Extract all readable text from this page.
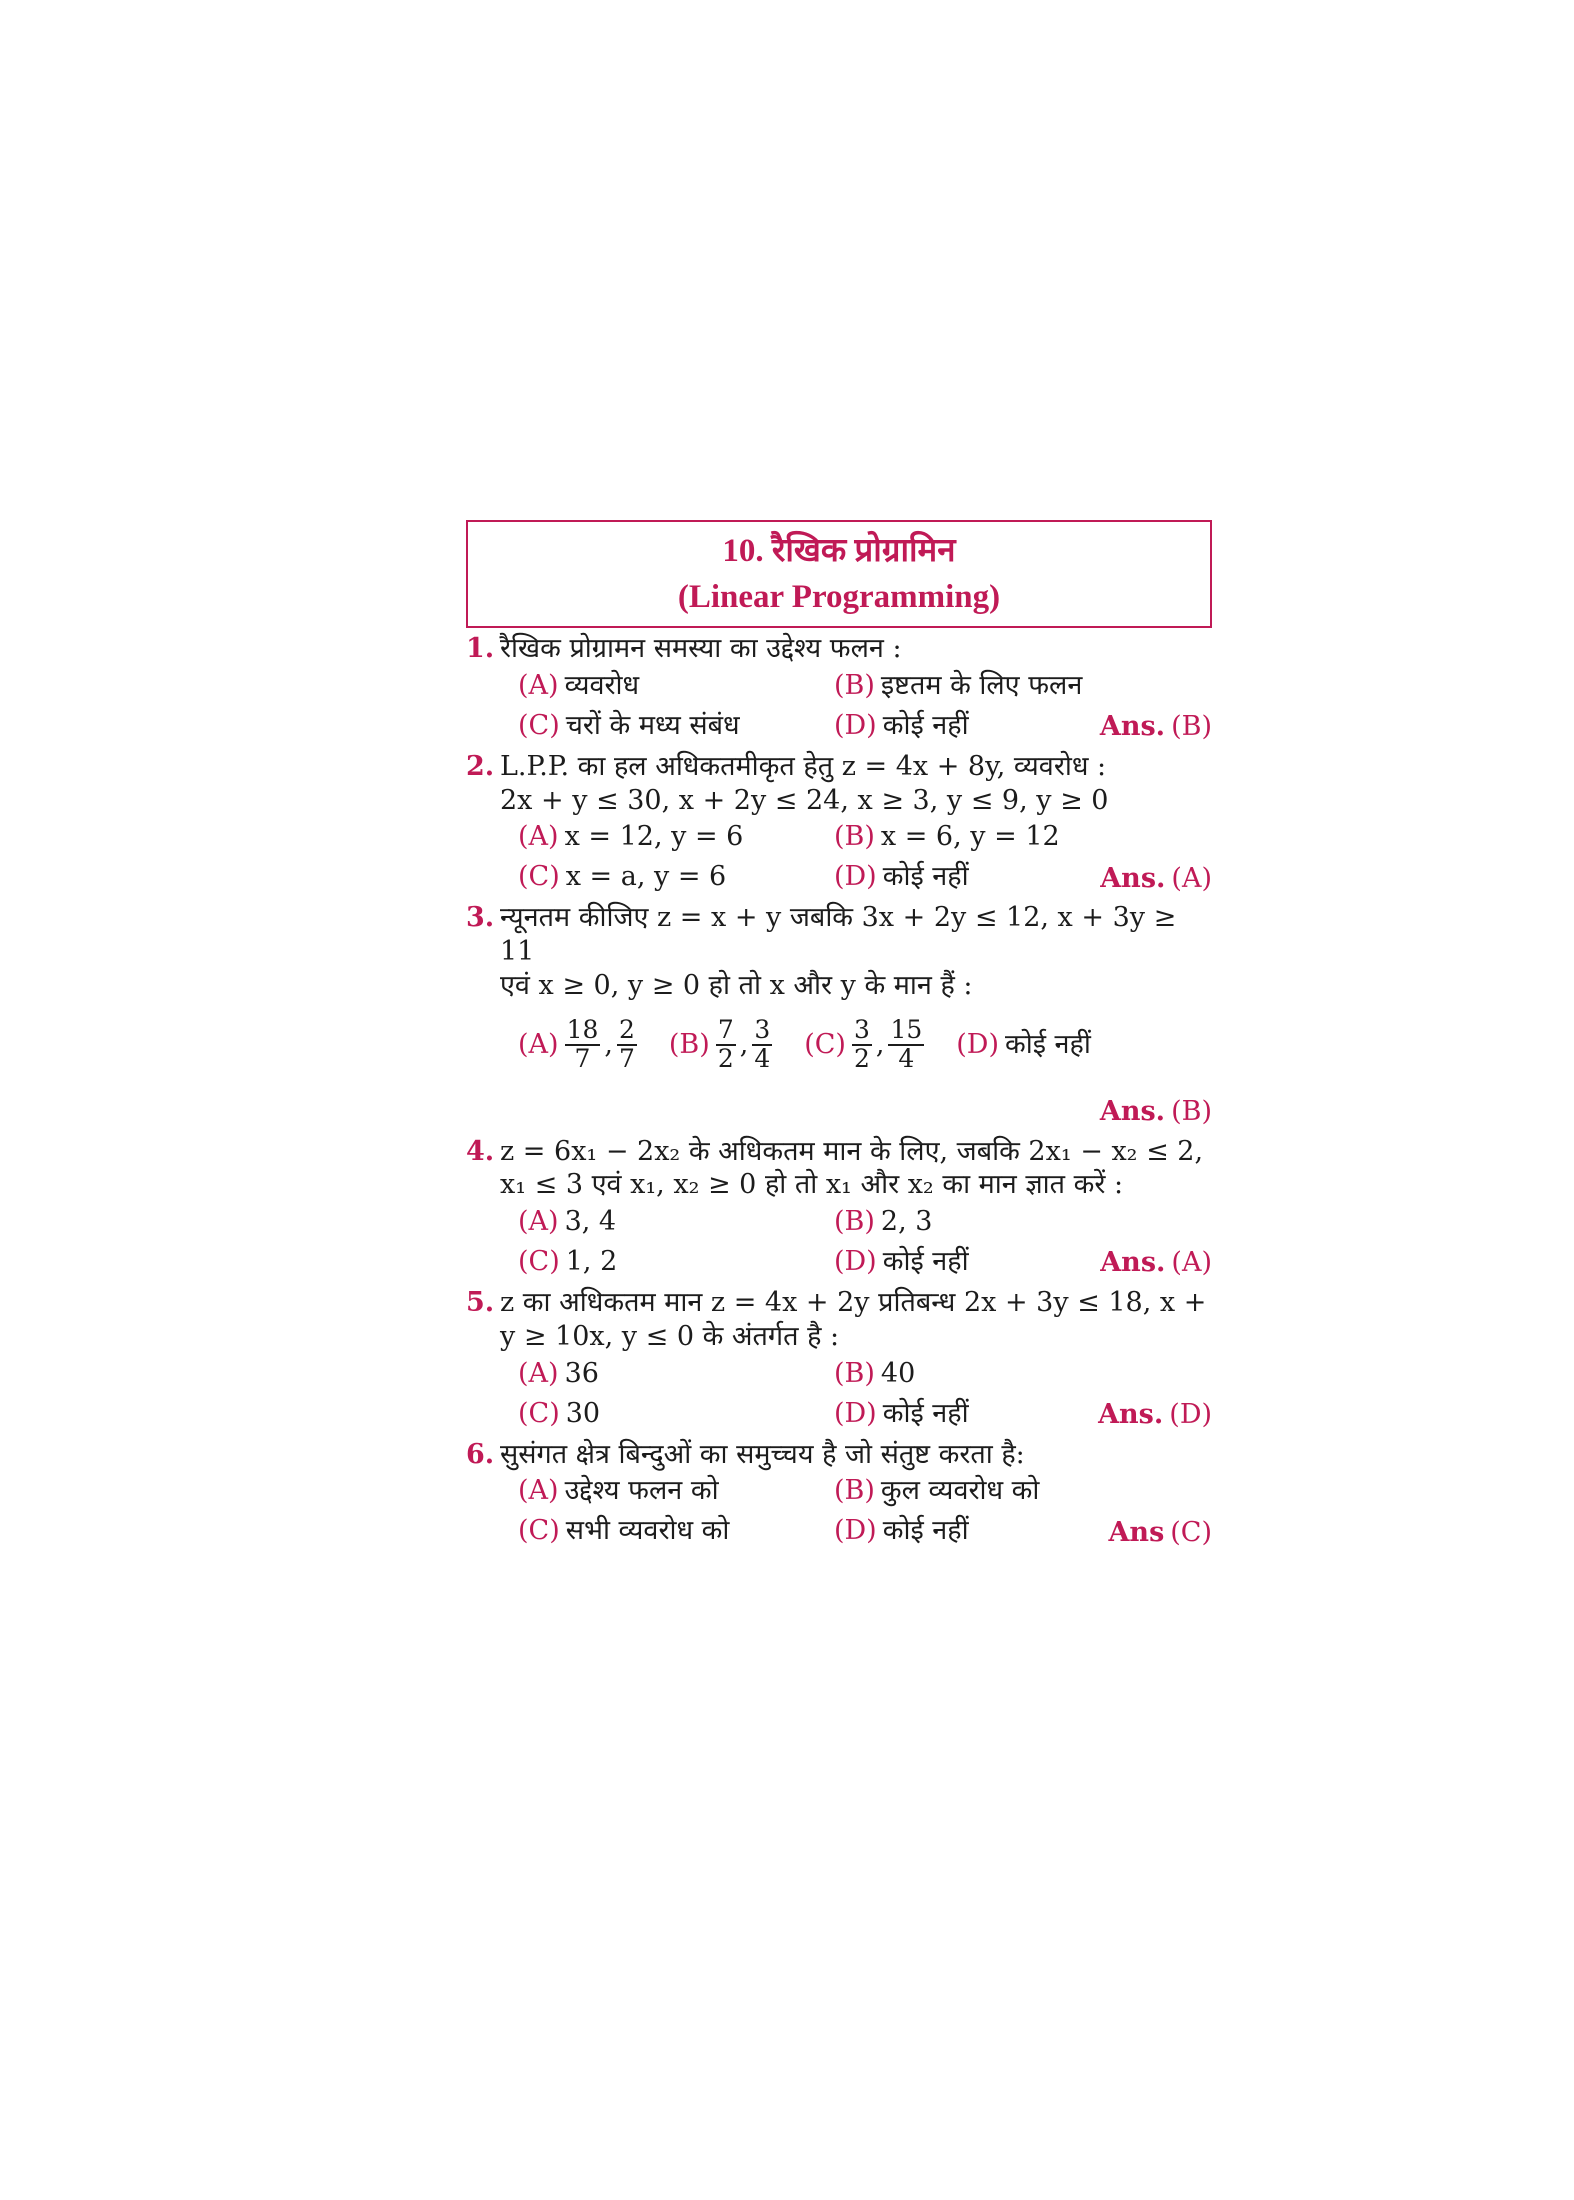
10. रैखिक प्रोग्रामिन
(Linear Programming)
1. रैखिक प्रोग्रामन समस्या का उद्देश्य फलन :
(A) व्यवरोध	(B) इष्टतम के लिए फलन
(C) चरों के मध्य संबंध	(D) कोई नहीं	Ans. (B)
2. L.P.P. का हल अधिकतमीकृत हेतु z = 4x + 8y, व्यवरोध :
2x + y ≤ 30, x + 2y ≤ 24, x ≥ 3, y ≤ 9, y ≥ 0
(A) x = 12, y = 6	(B) x = 6, y = 12
(C) x = a, y = 6	(D) कोई नहीं	Ans. (A)
3. न्यूनतम कीजिए z = x + y जबकि 3x + 2y ≤ 12, x + 3y ≥ 11
एवं x ≥ 0, y ≥ 0 हो तो x और y के मान हैं :
$(A) \frac{18}{7}$ , $\frac{2}{7} (B) \frac{7}{2}$ , $\frac{3}{4} (C) \frac{3}{2}$ , $\frac{15}{4} (D)$ कोई नहीं
Ans. (B)
4. z = 6x₁ − 2x₂ के अधिकतम मान के लिए, जबकि 2x₁ − x₂ ≤ 2,
x₁ ≤ 3 एवं x₁, x₂ ≥ 0 हो तो x₁ और x₂ का मान ज्ञात करें :
(A) 3, 4	(B) 2, 3
(C) 1, 2	(D) कोई नहीं	Ans. (A)
5. z का अधिकतम मान z = 4x + 2y प्रतिबन्ध 2x + 3y ≤ 18, x +
y ≥ 10x, y ≤ 0 के अंतर्गत है :
(A) 36	(B) 40
(C) 30	(D) कोई नहीं	Ans. (D)
6. सुसंगत क्षेत्र बिन्दुओं का समुच्चय है जो संतुष्ट करता है:
(A) उद्देश्य फलन को	(B) कुल व्यवरोध को
(C) सभी व्यवरोध को	(D) कोई नहीं	Ans (C)
